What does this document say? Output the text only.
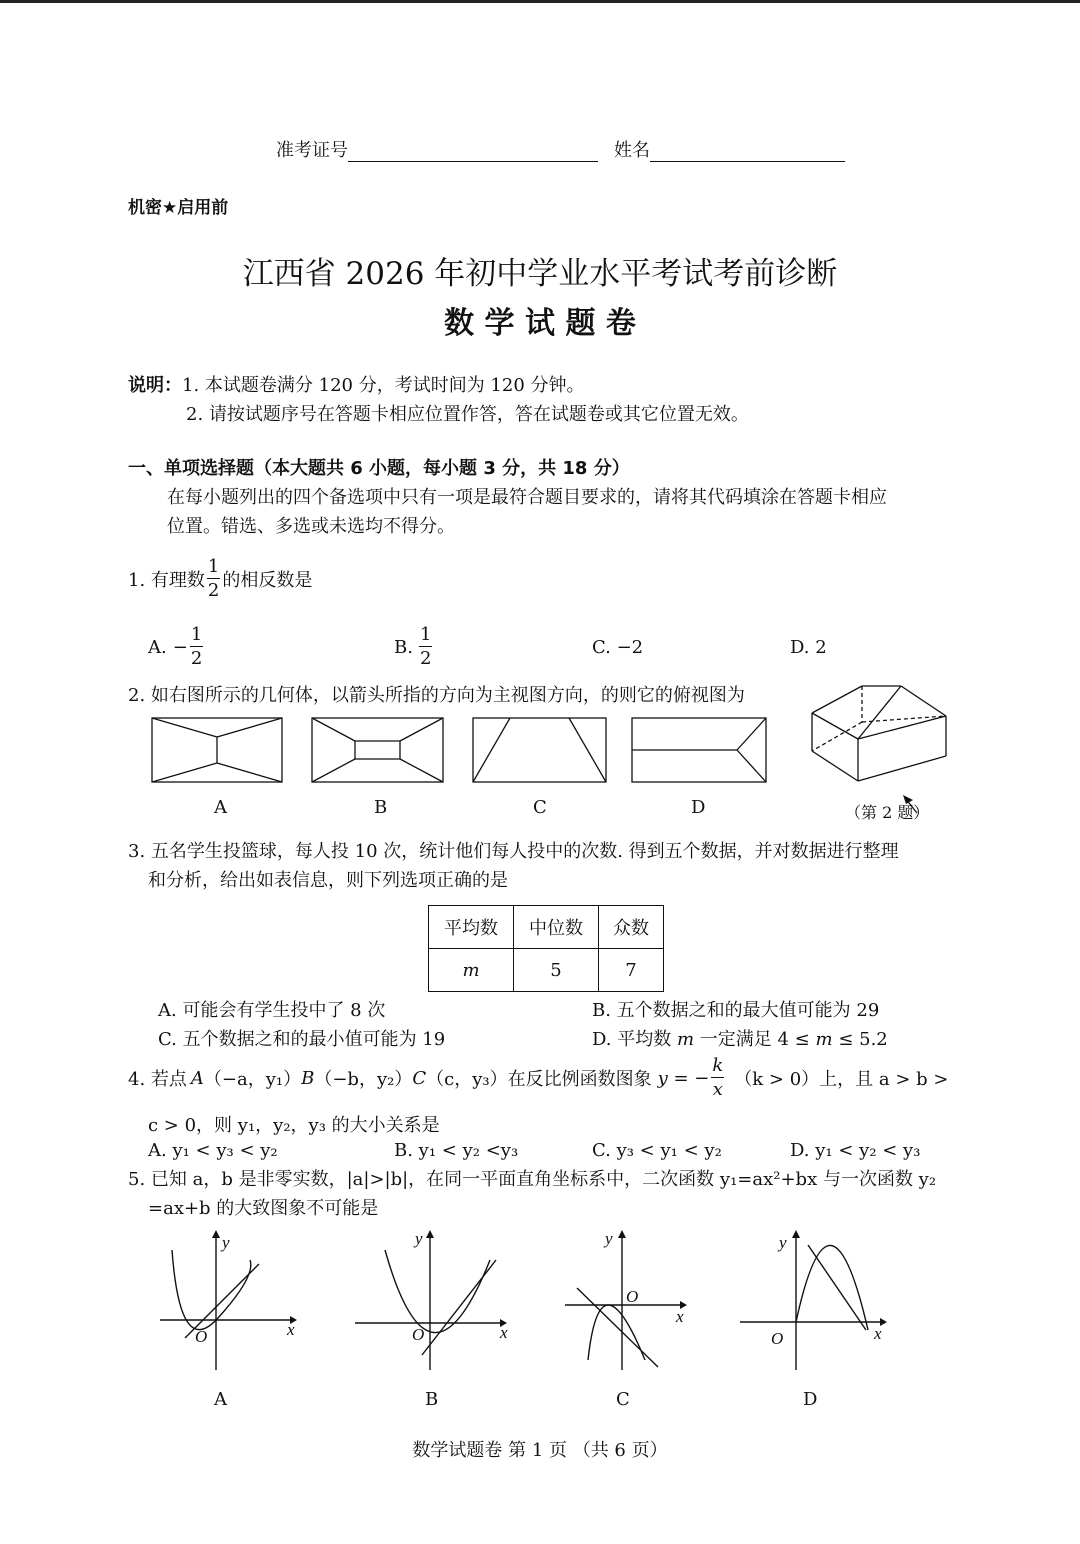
准考证号	姓名
机密★启用前
江西省 2026 年初中学业水平考试考前诊断
数 学 试 题 卷
说明：1. 本试题卷满分 120 分，考试时间为 120 分钟。
2. 请按试题序号在答题卡相应位置作答，答在试题卷或其它位置无效。
一、单项选择题（本大题共 6 小题，每小题 3 分，共 18 分）
在每小题列出的四个备选项中只有一项是最符合题目要求的，请将其代码填涂在答题卡相应
位置。错选、多选或未选均不得分。
1. 有理数 $\frac{1}{2}$ 的相反数是
A. − $\frac{1}{2}$	B. $\frac{1}{2}$	C. −2	D. 2
2. 如右图所示的几何体，以箭头所指的方向为主视图方向，的则它的俯视图为
A	B	C	D	（第 2 题）
3. 五名学生投篮球，每人投 10 次，统计他们每人投中的次数. 得到五个数据，并对数据进行整理
和分析，给出如表信息，则下列选项正确的是
平均数	中位数	众数
m	5	7
A. 可能会有学生投中了 8 次	B. 五个数据之和的最大值可能为 29
C. 五个数据之和的最小值可能为 19	D. 平均数 m 一定满足 4 ≤ m ≤ 5.2
4. 若点 A （−a，y₁） B （−b，y₂） C （c，y₃） 在反比例函数图象 y = − $\frac{k}{x} (k > 0)$上，且 a > b >
c > 0，则 y₁，y₂，y₃ 的大小关系是
A. y₁ < y₃ < y₂	B. y₁ < y₂ <y₃	C. y₃ < y₁ < y₂	D. y₁ < y₂ < y₃
5. 已知 a，b 是非零实数，|a|>|b|，在同一平面直角坐标系中，二次函数 y₁=ax²+bx 与一次函数 y₂
=ax+b 的大致图象不可能是
y
x
O
y
x
O
y
x
O
y
x
O
A	B	C	D
数学试题卷 第 1 页 （共 6 页）
